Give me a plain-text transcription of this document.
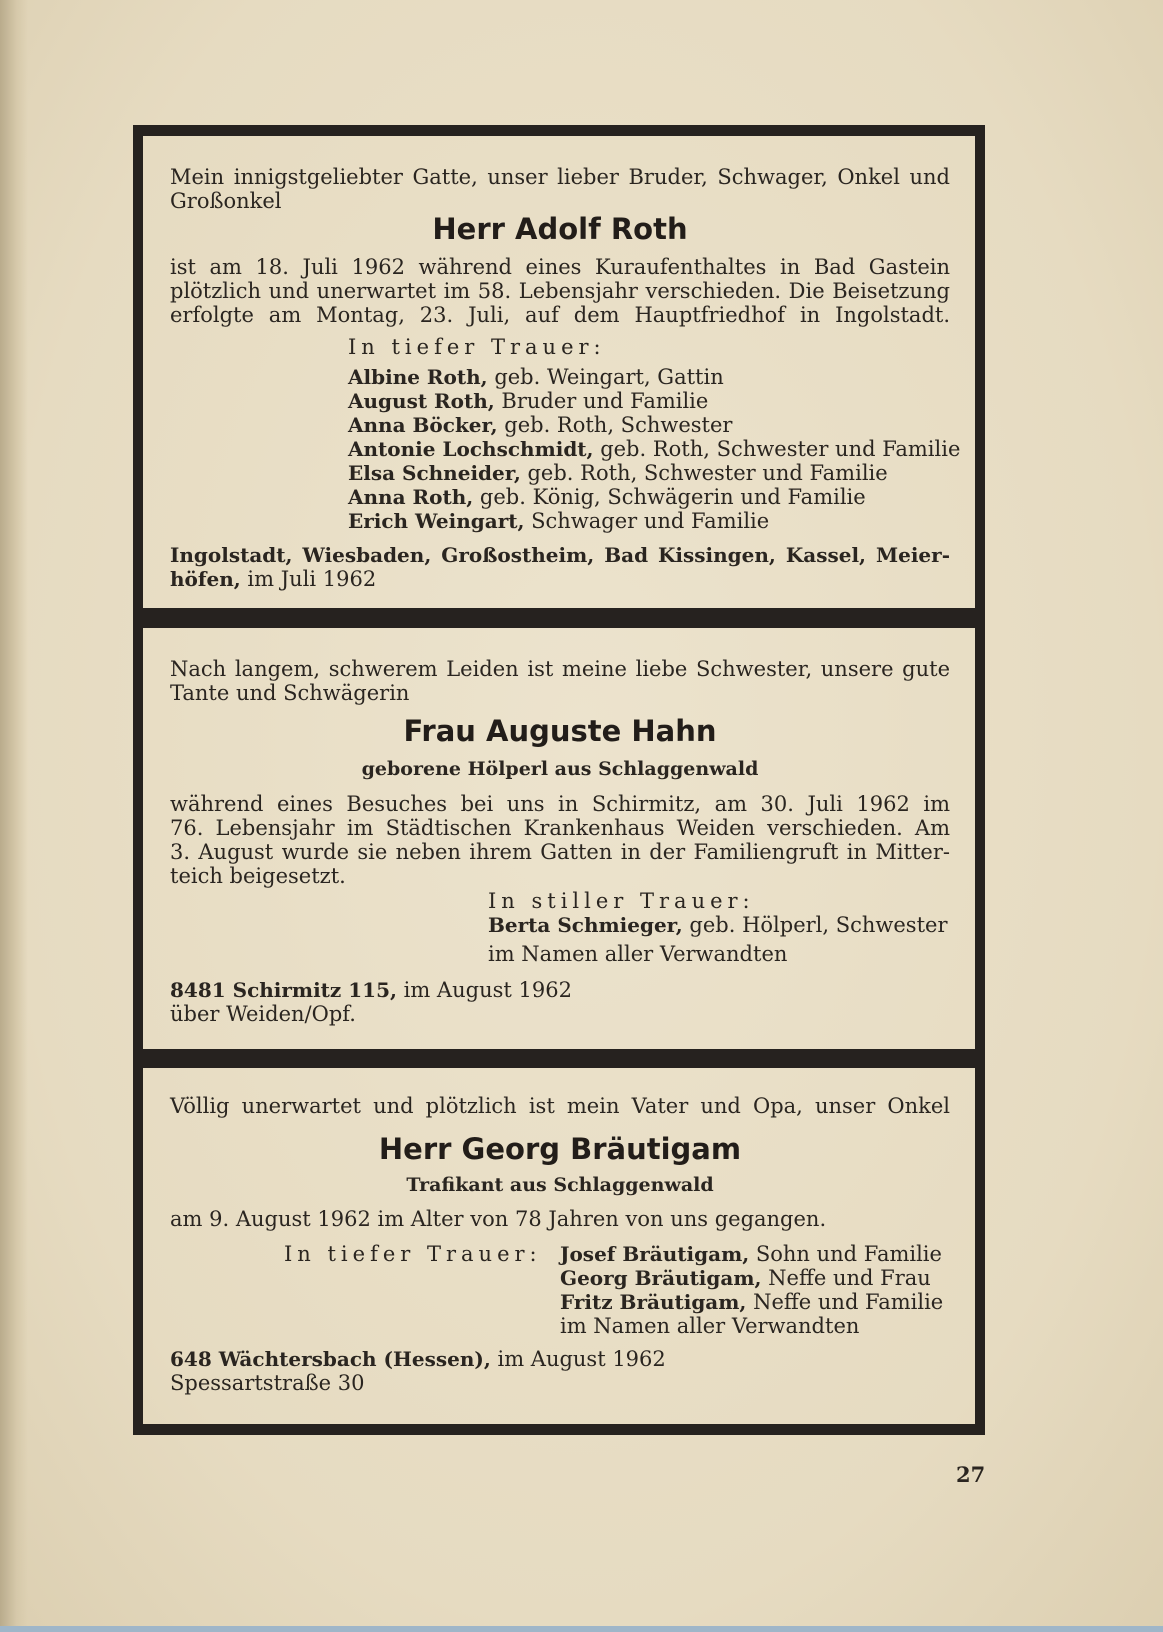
Mein innigstgeliebter Gatte, unser lieber Bruder, Schwager, Onkel und
Großonkel
Herr Adolf Roth
ist am 18. Juli 1962 während eines Kuraufenthaltes in Bad Gastein
plötzlich und unerwartet im 58. Lebensjahr verschieden. Die Beisetzung
erfolgte am Montag, 23. Juli, auf dem Hauptfriedhof in Ingolstadt.
In tiefer Trauer:
Albine Roth, geb. Weingart, Gattin
August Roth, Bruder und Familie
Anna Böcker, geb. Roth, Schwester
Antonie Lochschmidt, geb. Roth, Schwester und Familie
Elsa Schneider, geb. Roth, Schwester und Familie
Anna Roth, geb. König, Schwägerin und Familie
Erich Weingart, Schwager und Familie
Ingolstadt, Wiesbaden, Großostheim, Bad Kissingen, Kassel, Meier-
höfen, im Juli 1962
Nach langem, schwerem Leiden ist meine liebe Schwester, unsere gute
Tante und Schwägerin
Frau Auguste Hahn
geborene Hölperl aus Schlaggenwald
während eines Besuches bei uns in Schirmitz, am 30. Juli 1962 im
76. Lebensjahr im Städtischen Krankenhaus Weiden verschieden. Am
3. August wurde sie neben ihrem Gatten in der Familiengruft in Mitter-
teich beigesetzt.
In stiller Trauer:
Berta Schmieger, geb. Hölperl, Schwester
im Namen aller Verwandten
8481 Schirmitz 115, im August 1962
über Weiden/Opf.
Völlig unerwartet und plötzlich ist mein Vater und Opa, unser Onkel
Herr Georg Bräutigam
Trafikant aus Schlaggenwald
am 9. August 1962 im Alter von 78 Jahren von uns gegangen.
In tiefer Trauer: Josef Bräutigam, Sohn und Familie
Georg Bräutigam, Neffe und Frau
Fritz Bräutigam, Neffe und Familie
im Namen aller Verwandten
648 Wächtersbach (Hessen), im August 1962
Spessartstraße 30
27
